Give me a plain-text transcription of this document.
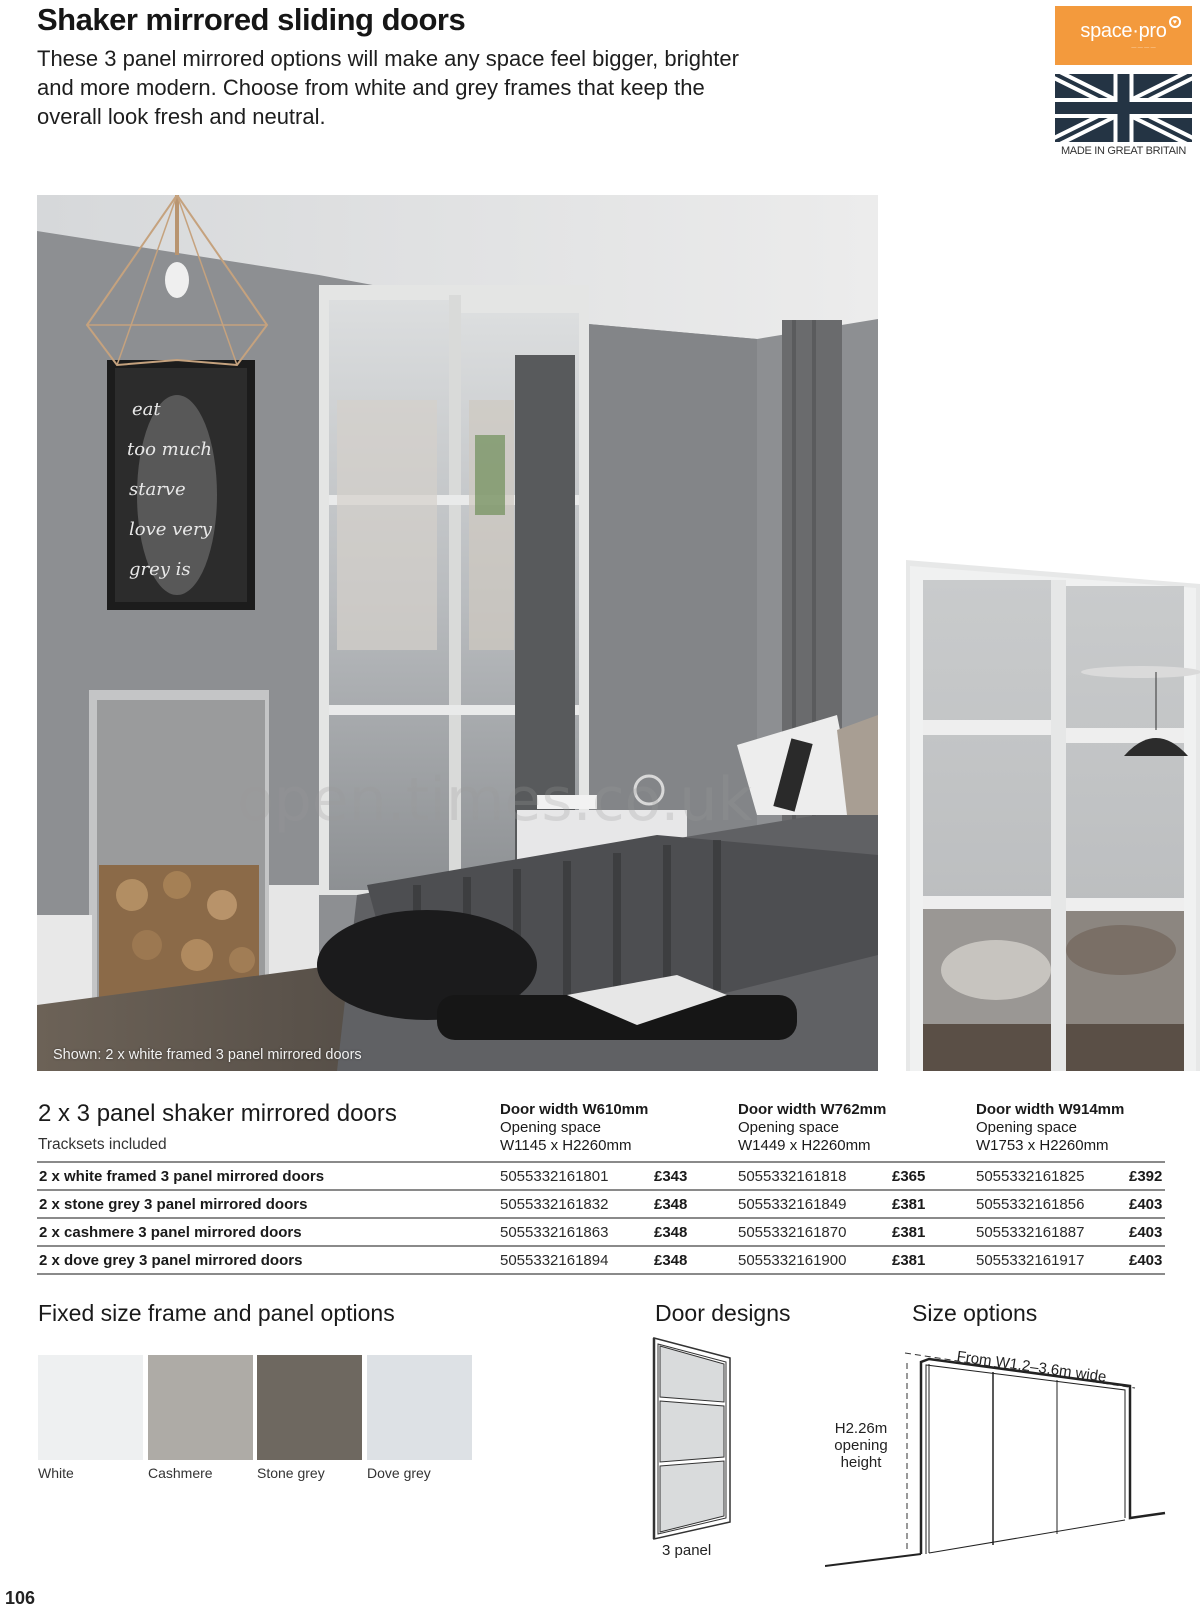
Shaker mirrored sliding doors

These 3 panel mirrored options will make any space feel bigger, brighter and more modern. Choose from white and grey frames that keep the overall look fresh and neutral.

space·pro ♥
— — — —
MADE IN GREAT BRITAIN
eat
too much
starve
love very
grey is
open.times.co.uk
Shown: 2 x white framed 3 panel mirrored doors
2 x 3 panel shaker mirrored doors
Tracksets included
Door width W610mm
Opening space
W1145 x H2260mm
Door width W762mm
Opening space
W1449 x H2260mm
Door width W914mm
Opening space
W1753 x H2260mm
2 x white framed 3 panel mirrored doors	5055332161801	£343	5055332161818	£365	5055332161825	£392
2 x stone grey 3 panel mirrored doors	5055332161832	£348	5055332161849	£381	5055332161856	£403
2 x cashmere 3 panel mirrored doors	5055332161863	£348	5055332161870	£381	5055332161887	£403
2 x dove grey 3 panel mirrored doors	5055332161894	£348	5055332161900	£381	5055332161917	£403
Fixed size frame and panel options
White	Cashmere	Stone grey	Dove grey
Door designs
3 panel
Size options
From W1.2–3.6m wide
H2.26m
opening
height
106
